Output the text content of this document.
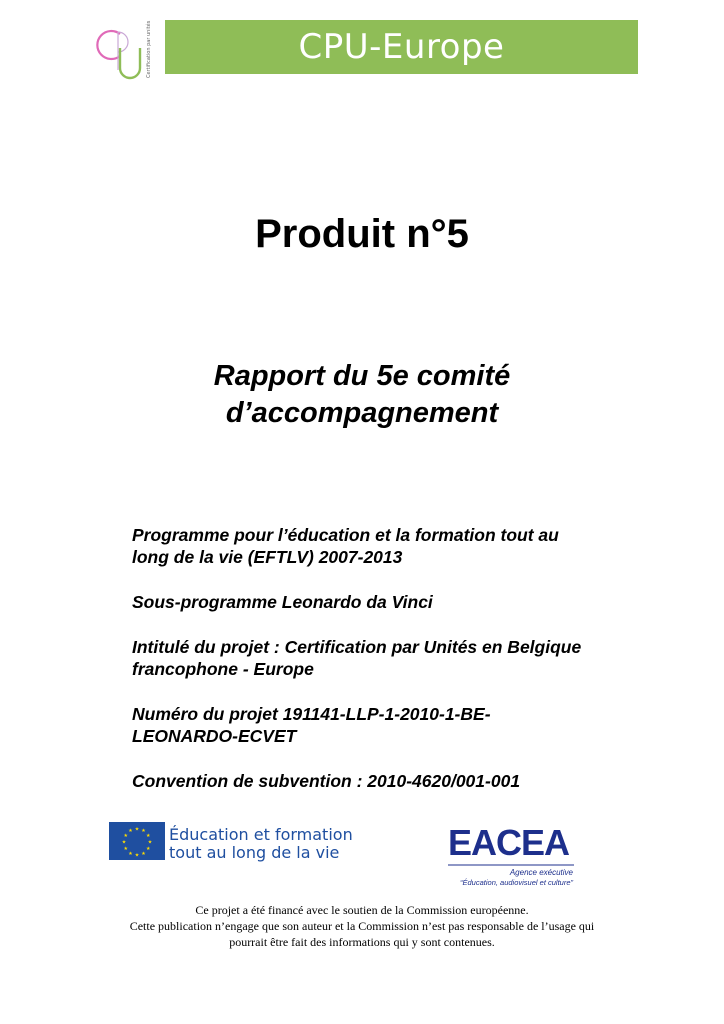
Certification par unités	CPU-Europe
Produit n°5
Rapport du 5e comité
d’accompagnement

Programme pour l’éducation et la formation tout au
long de la vie (EFTLV) 2007-2013

Sous-programme Leonardo da Vinci

Intitulé du projet : Certification par Unités en Belgique
francophone - Europe

Numéro du projet 191141-LLP-1-2010-1-BE-
LEONARDO-ECVET

Convention de subvention : 2010-4620/001-001

★ ★
★
★
★
★
★
★
★
★
★
★ Éducation et formation
tout au long de la vie	EACEA
Agence exécutive
“Éducation, audiovisuel et culture”
Ce projet a été financé avec le soutien de la Commission européenne.
Cette publication n’engage que son auteur et la Commission n’est pas responsable de l’usage qui
pourrait être fait des informations qui y sont contenues.
